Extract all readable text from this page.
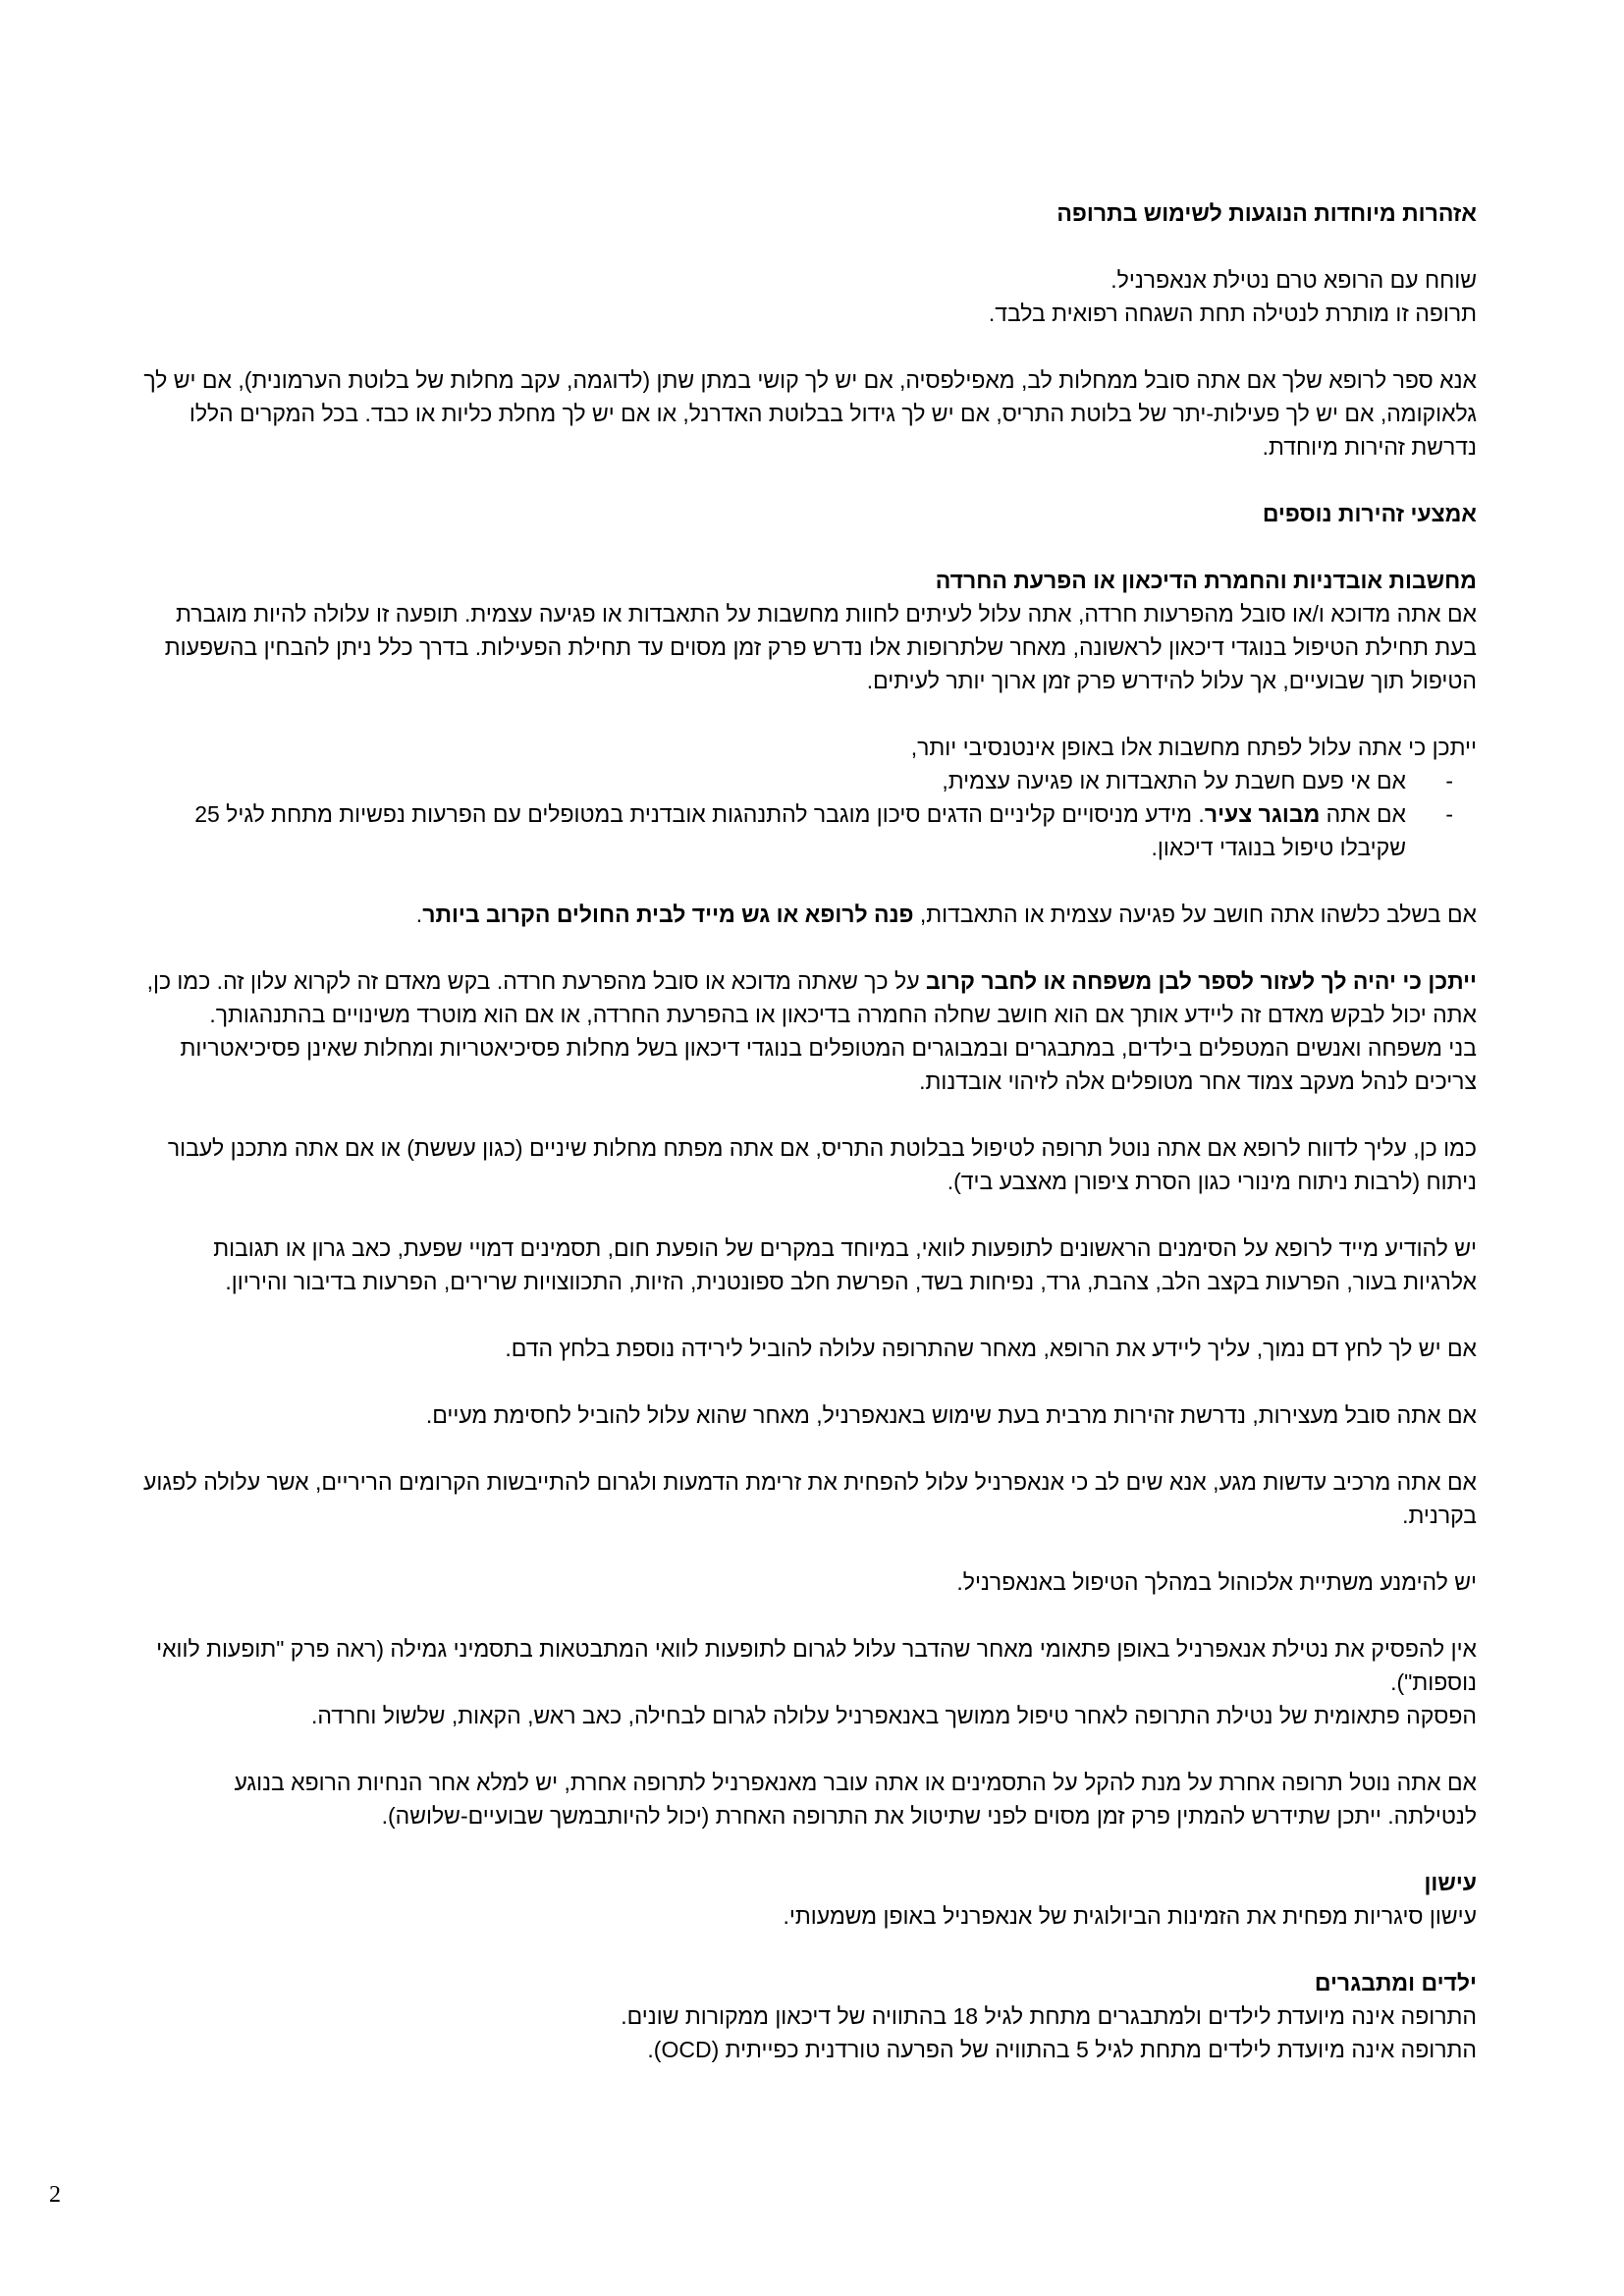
אזהרות מיוחדות הנוגעות לשימוש בתרופה

שוחח עם הרופא טרם נטילת אנאפרניל.

תרופה זו מותרת לנטילה תחת השגחה רפואית בלבד.

אנא ספר לרופא שלך אם אתה סובל ממחלות לב, מאפילפסיה, אם יש לך קושי במתן שתן (לדוגמה, עקב מחלות של בלוטת הערמונית), אם יש לך גלאוקומה, אם יש לך פעילות-יתר של בלוטת התריס, אם יש לך גידול בבלוטת האדרנל, או אם יש לך מחלת כליות או כבד. בכל המקרים הללו נדרשת זהירות מיוחדת.

אמצעי זהירות נוספים

מחשבות אובדניות והחמרת הדיכאון או הפרעת החרדה

אם אתה מדוכא ו/או סובל מהפרעות חרדה, אתה עלול לעיתים לחוות מחשבות על התאבדות או פגיעה עצמית. תופעה זו עלולה להיות מוגברת בעת תחילת הטיפול בנוגדי דיכאון לראשונה, מאחר שלתרופות אלו נדרש פרק זמן מסוים עד תחילת הפעילות. בדרך כלל ניתן להבחין בהשפעות הטיפול תוך שבועיים, אך עלול להידרש פרק זמן ארוך יותר לעיתים.

ייתכן כי אתה עלול לפתח מחשבות אלו באופן אינטנסיבי יותר,

-
אם אי פעם חשבת על התאבדות או פגיעה עצמית,
-
אם אתה מבוגר צעיר. מידע מניסויים קליניים הדגים סיכון מוגבר להתנהגות אובדנית במטופלים עם הפרעות נפשיות מתחת לגיל 25 שקיבלו טיפול בנוגדי דיכאון.

אם בשלב כלשהו אתה חושב על פגיעה עצמית או התאבדות, פנה לרופא או גש מייד לבית החולים הקרוב ביותר.

ייתכן כי יהיה לך לעזור לספר לבן משפחה או לחבר קרוב על כך שאתה מדוכא או סובל מהפרעת חרדה. בקש מאדם זה לקרוא עלון זה. כמו כן, אתה יכול לבקש מאדם זה ליידע אותך אם הוא חושב שחלה החמרה בדיכאון או בהפרעת החרדה, או אם הוא מוטרד משינויים בהתנהגותך.

בני משפחה ואנשים המטפלים בילדים, במתבגרים ובמבוגרים המטופלים בנוגדי דיכאון בשל מחלות פסיכיאטריות ומחלות שאינן פסיכיאטריות צריכים לנהל מעקב צמוד אחר מטופלים אלה לזיהוי אובדנות.

כמו כן, עליך לדווח לרופא אם אתה נוטל תרופה לטיפול בבלוטת התריס, אם אתה מפתח מחלות שיניים (כגון עששת) או אם אתה מתכנן לעבור ניתוח (לרבות ניתוח מינורי כגון הסרת ציפורן מאצבע ביד).

יש להודיע מייד לרופא על הסימנים הראשונים לתופעות לוואי, במיוחד במקרים של הופעת חום, תסמינים דמויי שפעת, כאב גרון או תגובות אלרגיות בעור, הפרעות בקצב הלב, צהבת, גרד, נפיחות בשד, הפרשת חלב ספונטנית, הזיות, התכווצויות שרירים, הפרעות בדיבור והיריון.

אם יש לך לחץ דם נמוך, עליך ליידע את הרופא, מאחר שהתרופה עלולה להוביל לירידה נוספת בלחץ הדם.

אם אתה סובל מעצירות, נדרשת זהירות מרבית בעת שימוש באנאפרניל, מאחר שהוא עלול להוביל לחסימת מעיים.

אם אתה מרכיב עדשות מגע, אנא שים לב כי אנאפרניל עלול להפחית את זרימת הדמעות ולגרום להתייבשות הקרומים הריריים, אשר עלולה לפגוע בקרנית.

יש להימנע משתיית אלכוהול במהלך הטיפול באנאפרניל.

אין להפסיק את נטילת אנאפרניל באופן פתאומי מאחר שהדבר עלול לגרום לתופעות לוואי המתבטאות בתסמיני גמילה (ראה פרק "תופעות לוואי נוספות").

הפסקה פתאומית של נטילת התרופה לאחר טיפול ממושך באנאפרניל עלולה לגרום לבחילה, כאב ראש, הקאות, שלשול וחרדה.

אם אתה נוטל תרופה אחרת על מנת להקל על התסמינים או אתה עובר מאנאפרניל לתרופה אחרת, יש למלא אחר הנחיות הרופא בנוגע לנטילתה. ייתכן שתידרש להמתין פרק זמן מסוים לפני שתיטול את התרופה האחרת (יכול להיותבמשך שבועיים-שלושה).

עישון

עישון סיגריות מפחית את הזמינות הביולוגית של אנאפרניל באופן משמעותי.

ילדים ומתבגרים

התרופה אינה מיועדת לילדים ולמתבגרים מתחת לגיל 18 בהתוויה של דיכאון ממקורות שונים.

התרופה אינה מיועדת לילדים מתחת לגיל 5 בהתוויה של הפרעה טורדנית כפייתית (OCD).

2
